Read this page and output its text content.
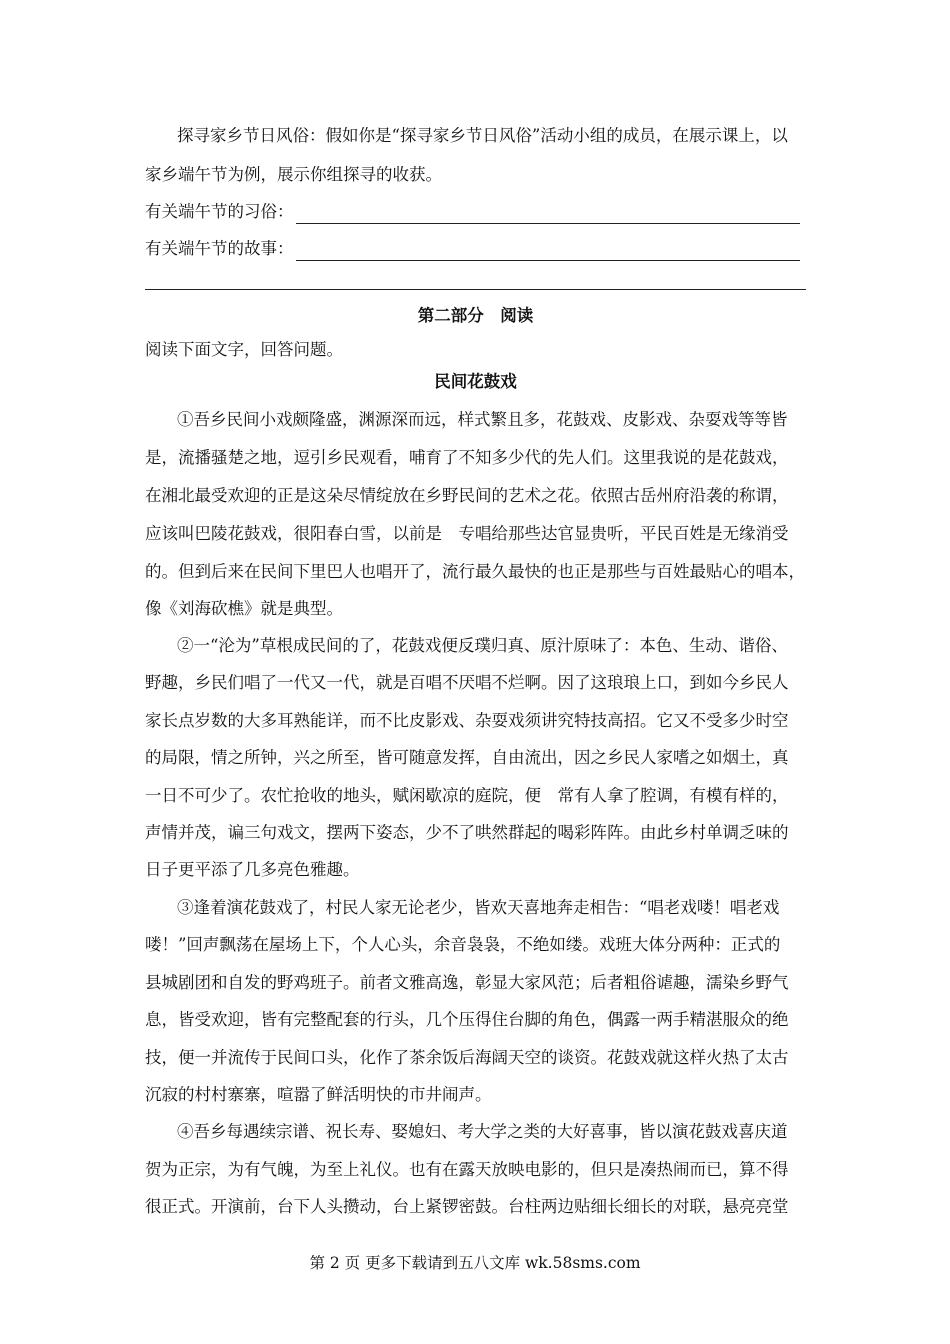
探寻家乡节日风俗：假如你是“探寻家乡节日风俗”活动小组的成员，在展示课上，以
家乡端午节为例，展示你组探寻的收获。
有关端午节的习俗：
有关端午节的故事：
第二部分　阅读
阅读下面文字，回答问题。
民间花鼓戏
①吾乡民间小戏颇隆盛，渊源深而远，样式繁且多，花鼓戏、皮影戏、杂耍戏等等皆
是，流播骚楚之地，逗引乡民观看，哺育了不知多少代的先人们。这里我说的是花鼓戏，
在湘北最受欢迎的正是这朵尽情绽放在乡野民间的艺术之花。依照古岳州府沿袭的称谓，
应该叫巴陵花鼓戏，很阳春白雪，以前是　专唱给那些达官显贵听，平民百姓是无缘消受
的。但到后来在民间下里巴人也唱开了，流行最久最快的也正是那些与百姓最贴心的唱本，
像《刘海砍樵》就是典型。
②一“沦为”草根成民间的了，花鼓戏便反璞归真、原汁原味了：本色、生动、谐俗、
野趣，乡民们唱了一代又一代，就是百唱不厌唱不烂啊。因了这琅琅上口，到如今乡民人
家长点岁数的大多耳熟能详，而不比皮影戏、杂耍戏须讲究特技高招。它又不受多少时空
的局限，情之所钟，兴之所至，皆可随意发挥，自由流出，因之乡民人家嗜之如烟土，真
一日不可少了。农忙抢收的地头，赋闲歇凉的庭院，便　常有人拿了腔调，有模有样的，
声情并茂，谝三句戏文，摆两下姿态，少不了哄然群起的喝彩阵阵。由此乡村单调乏味的
日子更平添了几多亮色雅趣。
③逢着演花鼓戏了，村民人家无论老少，皆欢天喜地奔走相告：“唱老戏喽！唱老戏
喽！”回声飘荡在屋场上下，个人心头，余音袅袅，不绝如缕。戏班大体分两种：正式的
县城剧团和自发的野鸡班子。前者文雅高逸，彰显大家风范；后者粗俗谑趣，濡染乡野气
息，皆受欢迎，皆有完整配套的行头，几个压得住台脚的角色，偶露一两手精湛服众的绝
技，便一并流传于民间口头，化作了茶余饭后海阔天空的谈资。花鼓戏就这样火热了太古
沉寂的村村寨寨，喧嚣了鲜活明快的市井闹声。
④吾乡每遇续宗谱、祝长寿、娶媳妇、考大学之类的大好喜事，皆以演花鼓戏喜庆道
贺为正宗，为有气魄，为至上礼仪。也有在露天放映电影的，但只是凑热闹而已，算不得
很正式。开演前，台下人头攒动，台上紧锣密鼓。台柱两边贴细长细长的对联，悬亮亮堂
第 2 页 更多下载请到五八文库 wk.58sms.com
